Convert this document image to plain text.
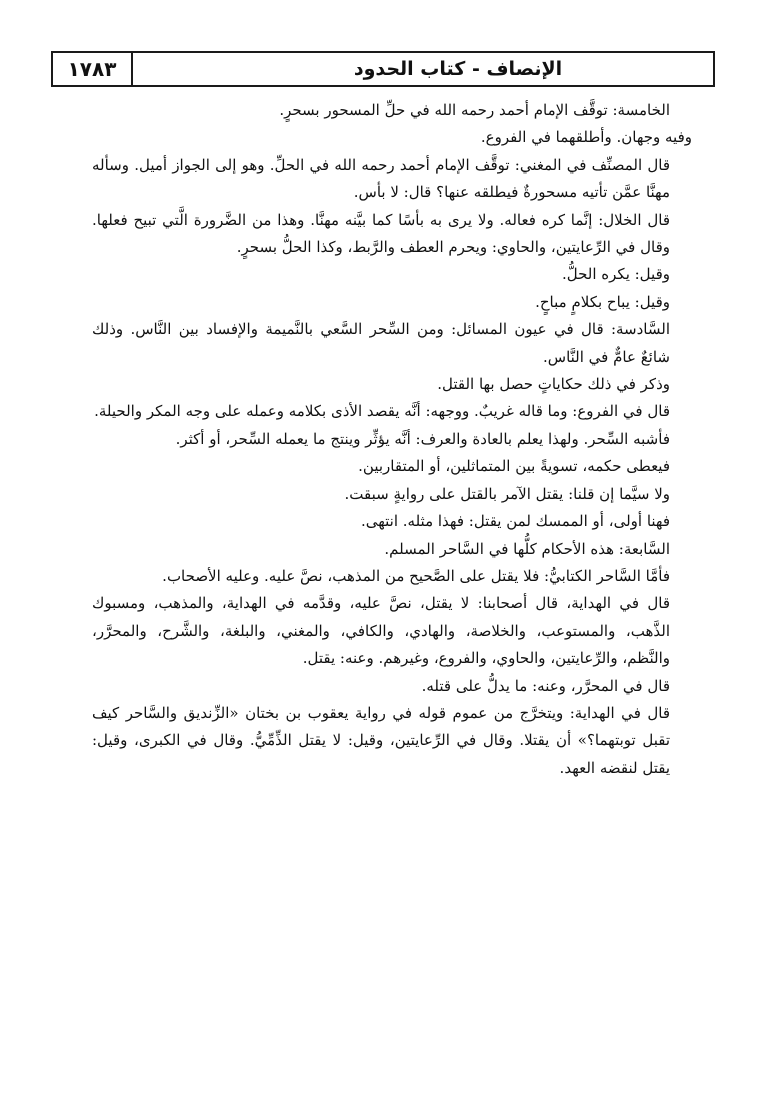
١٧٨٣	الإنصاف - كتاب الحدود

الخامسة: توقَّف الإمام أحمد رحمه الله في حلِّ المسحور بسحرٍ.

وفيه وجهان. وأطلقهما في الفروع.

قال المصنِّف في المغني: توقَّف الإمام أحمد رحمه الله في الحلِّ. وهو إلى الجواز أميل. وسأله مهنَّا عمَّن تأتيه مسحورةٌ فيطلقه عنها؟ قال: لا بأس.

قال الخلال: إنَّما كره فعاله. ولا يرى به بأسًا كما بيَّنه مهنَّا. وهذا من الضَّرورة الَّتي تبيح فعلها. وقال في الرِّعايتين، والحاوي: ويحرم العطف والرَّبط، وكذا الحلُّ بسحرٍ.

وقيل: يكره الحلُّ.

وقيل: يباح بكلامٍ مباحٍ.

السَّادسة: قال في عيون المسائل: ومن السِّحر السَّعي بالنَّميمة والإفساد بين النَّاس. وذلك شائعٌ عامٌّ في النَّاس.

وذكر في ذلك حكاياتٍ حصل بها القتل.

قال في الفروع: وما قاله غريبٌ. ووجهه: أنَّه يقصد الأذى بكلامه وعمله على وجه المكر والحيلة.

فأشبه السِّحر. ولهذا يعلم بالعادة والعرف: أنَّه يؤثِّر وينتج ما يعمله السِّحر، أو أكثر.

فيعطى حكمه، تسويةً بين المتماثلين، أو المتقاربين.

ولا سيَّما إن قلنا: يقتل الآمر بالقتل على روايةٍ سبقت.

فهنا أولى، أو الممسك لمن يقتل: فهذا مثله. انتهى.

السَّابعة: هذه الأحكام كلُّها في السَّاحر المسلم.

فأمَّا السَّاحر الكتابيُّ: فلا يقتل على الصَّحيح من المذهب، نصَّ عليه. وعليه الأصحاب.

قال في الهداية، قال أصحابنا: لا يقتل، نصَّ عليه، وقدَّمه في الهداية، والمذهب، ومسبوك الذَّهب، والمستوعب، والخلاصة، والهادي، والكافي، والمغني، والبلغة، والشَّرح، والمحرَّر، والنَّظم، والرِّعايتين، والحاوي، والفروع، وغيرهم. وعنه: يقتل.

قال في المحرَّر، وعنه: ما يدلُّ على قتله.

قال في الهداية: ويتخرَّج من عموم قوله في رواية يعقوب بن بختان «الزِّنديق والسَّاحر كيف تقبل توبتهما؟» أن يقتلا. وقال في الرِّعايتين، وقيل: لا يقتل الذِّمِّيُّ. وقال في الكبرى، وقيل: يقتل لنقضه العهد.
